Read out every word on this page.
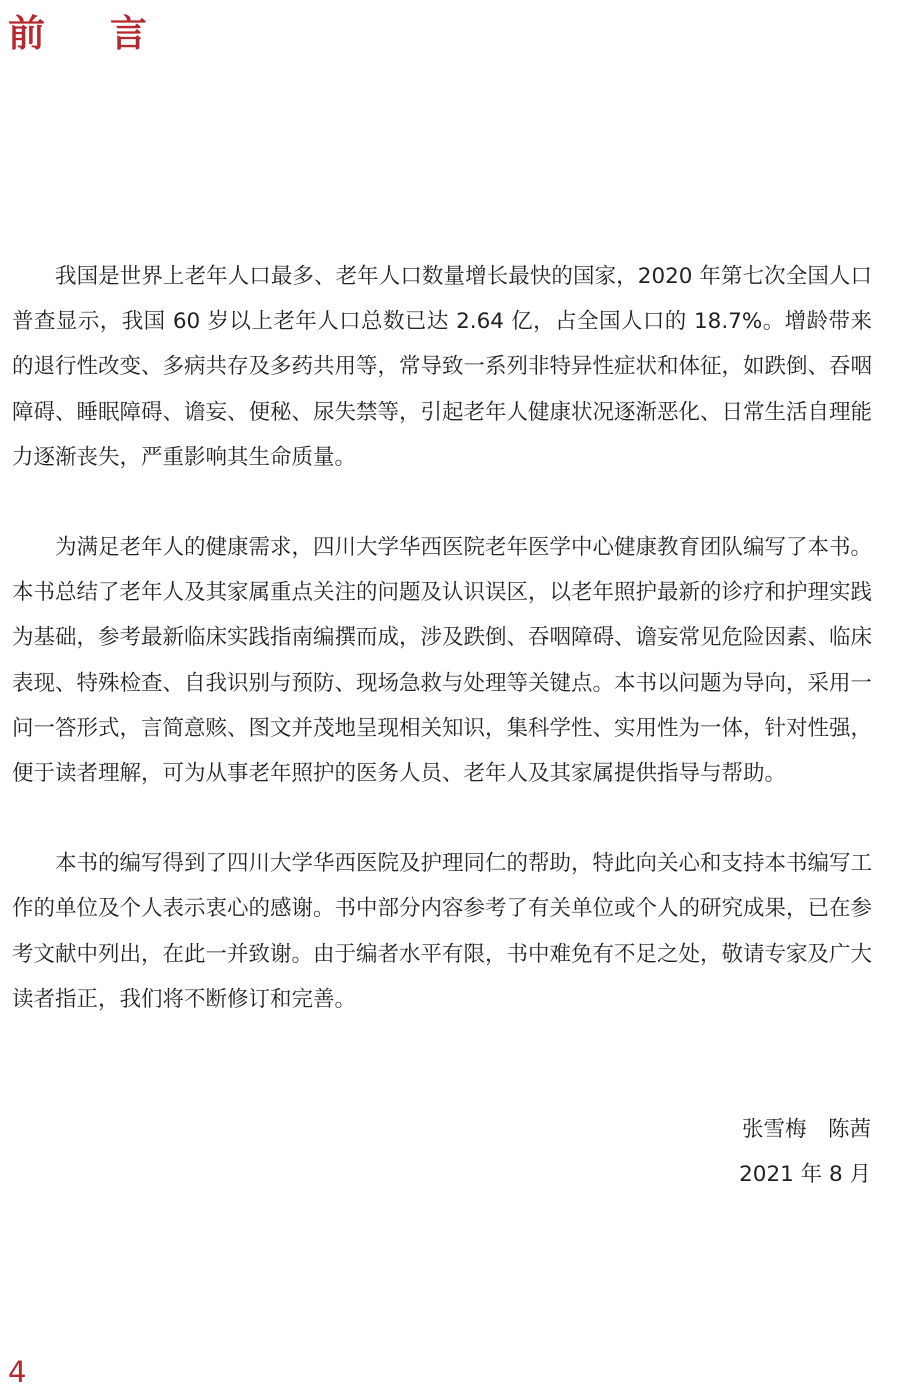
前 言

我国是世界上老年人口最多、老年人口数量增长最快的国家，2020 年第七次全国人口普查显示，我国 60 岁以上老年人口总数已达 2.64 亿，占全国人口的 18.7%。增龄带来的退行性改变、多病共存及多药共用等，常导致一系列非特异性症状和体征，如跌倒、吞咽障碍、睡眠障碍、谵妄、便秘、尿失禁等，引起老年人健康状况逐渐恶化、日常生活自理能力逐渐丧失，严重影响其生命质量。

为满足老年人的健康需求，四川大学华西医院老年医学中心健康教育团队编写了本书。本书总结了老年人及其家属重点关注的问题及认识误区，以老年照护最新的诊疗和护理实践为基础，参考最新临床实践指南编撰而成，涉及跌倒、吞咽障碍、谵妄常见危险因素、临床表现、特殊检查、自我识别与预防、现场急救与处理等关键点。本书以问题为导向，采用一问一答形式，言简意赅、图文并茂地呈现相关知识，集科学性、实用性为一体，针对性强，便于读者理解，可为从事老年照护的医务人员、老年人及其家属提供指导与帮助。

本书的编写得到了四川大学华西医院及护理同仁的帮助，特此向关心和支持本书编写工作的单位及个人表示衷心的感谢。书中部分内容参考了有关单位或个人的研究成果，已在参考文献中列出，在此一并致谢。由于编者水平有限，书中难免有不足之处，敬请专家及广大读者指正，我们将不断修订和完善。

张雪梅　陈茜
2021 年 8 月
4
